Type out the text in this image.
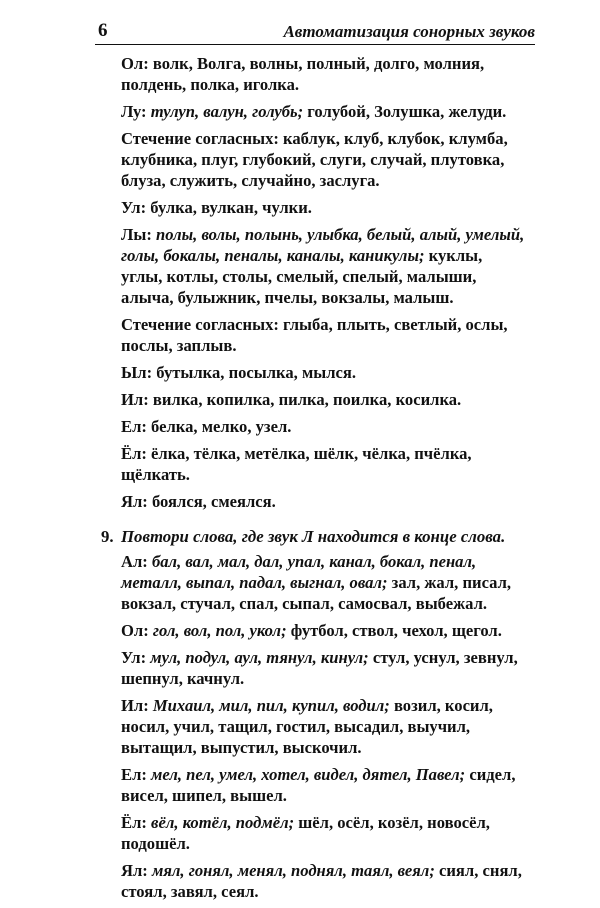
6	Автоматизация сонорных звуков

Ол: волк, Волга, волны, полный, долго, молния, полдень, полка, иголка.

Лу: тулуп, валун, голубь; голубой, Золушка, желуди.

Стечение согласных: каблук, клуб, клубок, клумба, клубника, плуг, глубокий, слуги, случай, плутовка, блуза, служить, случайно, заслуга.

Ул: булка, вулкан, чулки.

Лы: полы, волы, полынь, улыбка, белый, алый, умелый, голы, бокалы, пеналы, каналы, каникулы; куклы, углы, котлы, столы, смелый, спелый, малыши, алыча, булыжник, пчелы, вокзалы, малыш.

Стечение согласных: глыба, плыть, светлый, ослы, послы, заплыв.

Ыл: бутылка, посылка, мылся.

Ил: вилка, копилка, пилка, поилка, косилка.

Ел: белка, мелко, узел.

Ёл: ёлка, тёлка, метёлка, шёлк, чёлка, пчёлка, щёлкать.

Ял: боялся, смеялся.

9. Повтори слова, где звук Л находится в конце слова.

Ал: бал, вал, мал, дал, упал, канал, бокал, пенал, металл, выпал, падал, выгнал, овал; зал, жал, писал, вокзал, стучал, спал, сыпал, самосвал, выбежал.

Ол: гол, вол, пол, укол; футбол, ствол, чехол, щегол.

Ул: мул, подул, аул, тянул, кинул; стул, уснул, зевнул, шепнул, качнул.

Ил: Михаил, мил, пил, купил, водил; возил, косил, носил, учил, тащил, гостил, высадил, выучил, вытащил, выпустил, выскочил.

Ел: мел, пел, умел, хотел, видел, дятел, Павел; сидел, висел, шипел, вышел.

Ёл: вёл, котёл, подмёл; шёл, осёл, козёл, новосёл, подошёл.

Ял: мял, гонял, менял, поднял, таял, веял; сиял, снял, стоял, завял, сеял.
